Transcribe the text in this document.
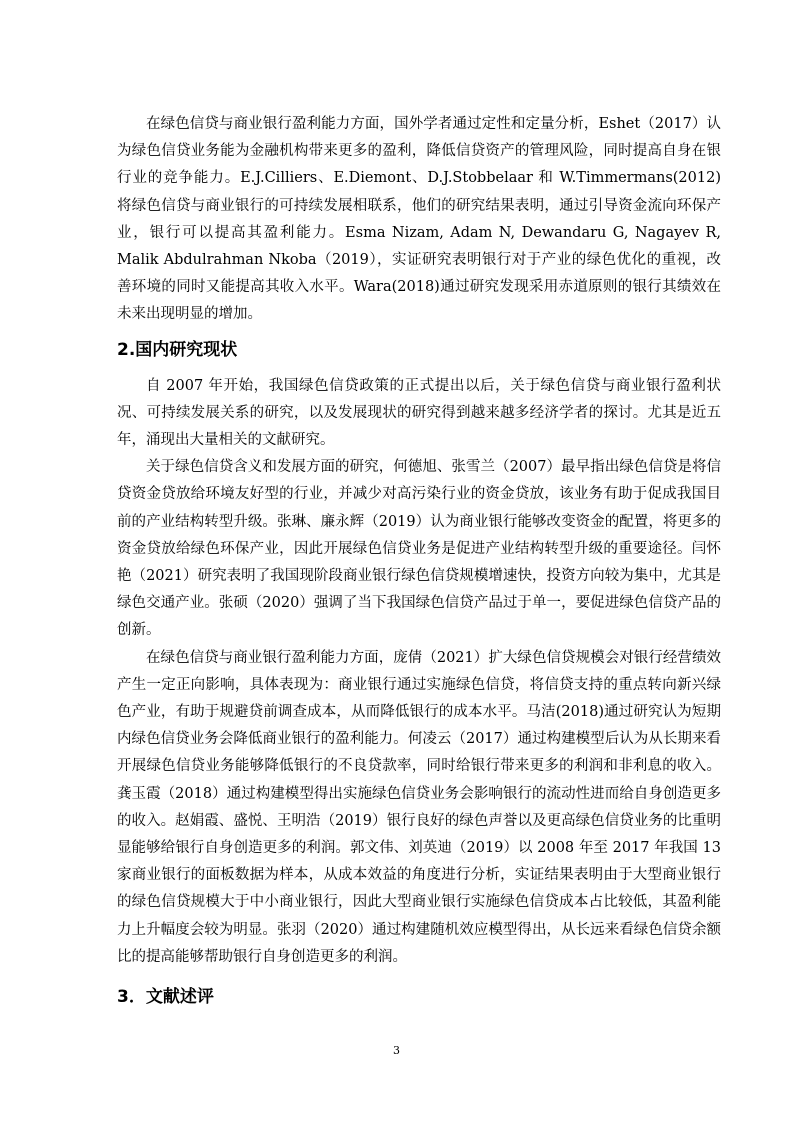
在绿色信贷与商业银行盈利能力方面，国外学者通过定性和定量分析，Eshet（2017）认为绿色信贷业务能为金融机构带来更多的盈利，降低信贷资产的管理风险，同时提高自身在银行业的竞争能力。E.J.Cilliers、E.Diemont、D.J.Stobbelaar 和 W.Timmermans(2012)将绿色信贷与商业银行的可持续发展相联系，他们的研究结果表明，通过引导资金流向环保产业，银行可以提高其盈利能力。Esma Nizam, Adam N, Dewandaru G, Nagayev R, Malik Abdulrahman Nkoba（2019），实证研究表明银行对于产业的绿色优化的重视，改善环境的同时又能提高其收入水平。Wara(2018)通过研究发现采用赤道原则的银行其绩效在未来出现明显的增加。

2.国内研究现状

自 2007 年开始，我国绿色信贷政策的正式提出以后，关于绿色信贷与商业银行盈利状况、可持续发展关系的研究，以及发展现状的研究得到越来越多经济学者的探讨。尤其是近五年，涌现出大量相关的文献研究。

关于绿色信贷含义和发展方面的研究，何德旭、张雪兰（2007）最早指出绿色信贷是将信贷资金贷放给环境友好型的行业，并减少对高污染行业的资金贷放，该业务有助于促成我国目前的产业结构转型升级。张琳、廉永辉（2019）认为商业银行能够改变资金的配置，将更多的资金贷放给绿色环保产业，因此开展绿色信贷业务是促进产业结构转型升级的重要途径。闫怀艳（2021）研究表明了我国现阶段商业银行绿色信贷规模增速快，投资方向较为集中，尤其是绿色交通产业。张硕（2020）强调了当下我国绿色信贷产品过于单一，要促进绿色信贷产品的创新。

在绿色信贷与商业银行盈利能力方面，庞倩（2021）扩大绿色信贷规模会对银行经营绩效产生一定正向影响，具体表现为：商业银行通过实施绿色信贷，将信贷支持的重点转向新兴绿色产业，有助于规避贷前调查成本，从而降低银行的成本水平。马洁(2018)通过研究认为短期内绿色信贷业务会降低商业银行的盈利能力。何凌云（2017）通过构建模型后认为从长期来看开展绿色信贷业务能够降低银行的不良贷款率，同时给银行带来更多的利润和非利息的收入。龚玉霞（2018）通过构建模型得出实施绿色信贷业务会影响银行的流动性进而给自身创造更多的收入。赵娟霞、盛悦、王明浩（2019）银行良好的绿色声誉以及更高绿色信贷业务的比重明显能够给银行自身创造更多的利润。郭文伟、刘英迪（2019）以 2008 年至 2017 年我国 13 家商业银行的面板数据为样本，从成本效益的角度进行分析，实证结果表明由于大型商业银行的绿色信贷规模大于中小商业银行，因此大型商业银行实施绿色信贷成本占比较低，其盈利能力上升幅度会较为明显。张羽（2020）通过构建随机效应模型得出，从长远来看绿色信贷余额比的提高能够帮助银行自身创造更多的利润。

3．文献述评
3
